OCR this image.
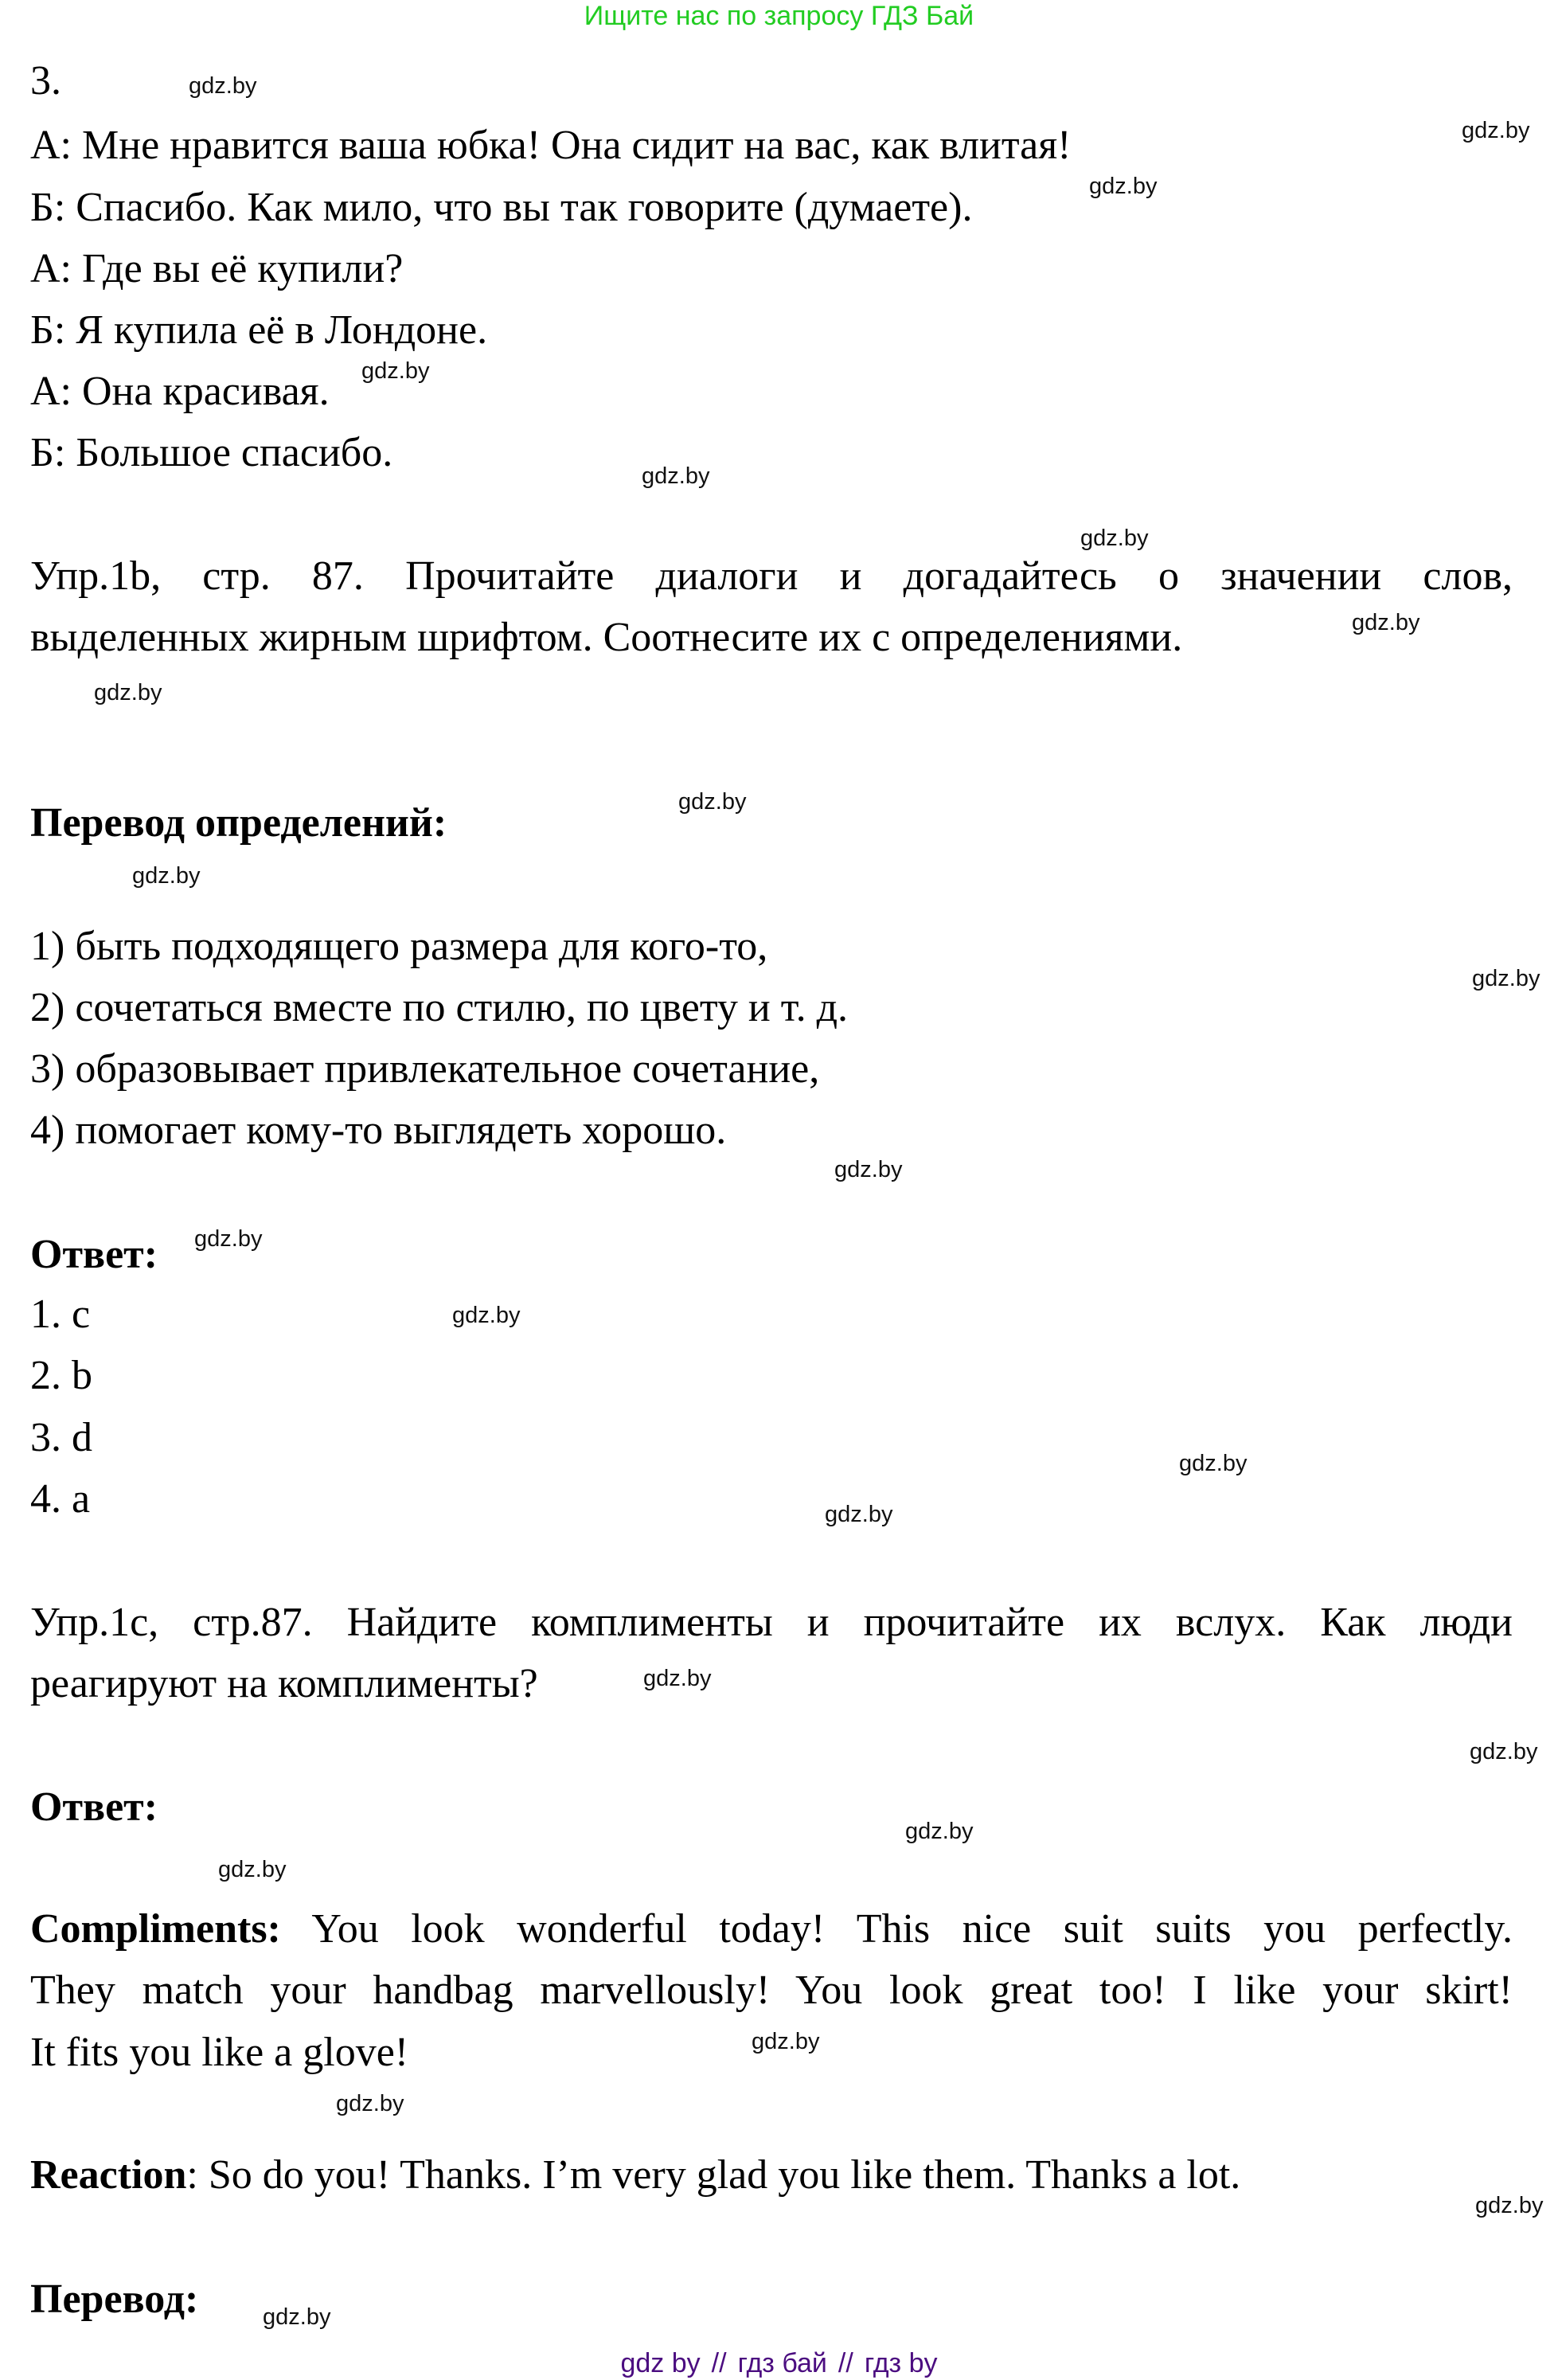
Ищите нас по запросу ГДЗ Бай
3.
А: Мне нравится ваша юбка! Она сидит на вас, как влитая!
Б: Спасибо. Как мило, что вы так говорите (думаете).
А: Где вы её купили?
Б: Я купила её в Лондоне.
А: Она красивая.
Б: Большое спасибо.
Упр.1b, стр. 87. Прочитайте диалоги и догадайтесь о значении слов,
выделенных жирным шрифтом. Соотнесите их с определениями.
Перевод определений:
1) быть подходящего размера для кого-то,
2) сочетаться вместе по стилю, по цвету и т. д.
3) образовывает привлекательное сочетание,
4) помогает кому-то выглядеть хорошо.
Ответ:
1. c
2. b
3. d
4. a
Упр.1c, стр.87. Найдите комплименты и прочитайте их вслух. Как люди
реагируют на комплименты?
Ответ:
Compliments: You look wonderful today! This nice suit suits you perfectly.
They match your handbag marvellously! You look great too! I like your skirt!
It fits you like a glove!
Reaction: So do you! Thanks. I’m very glad you like them. Thanks a lot.
Перевод:
gdz.by
gdz.by
gdz.by
gdz.by
gdz.by
gdz.by
gdz.by
gdz.by
gdz.by
gdz.by
gdz.by
gdz.by
gdz.by
gdz.by
gdz.by
gdz.by
gdz.by
gdz.by
gdz.by
gdz.by
gdz.by
gdz.by
gdz.by
gdz.by
gdz by // гдз бай // гдз by
